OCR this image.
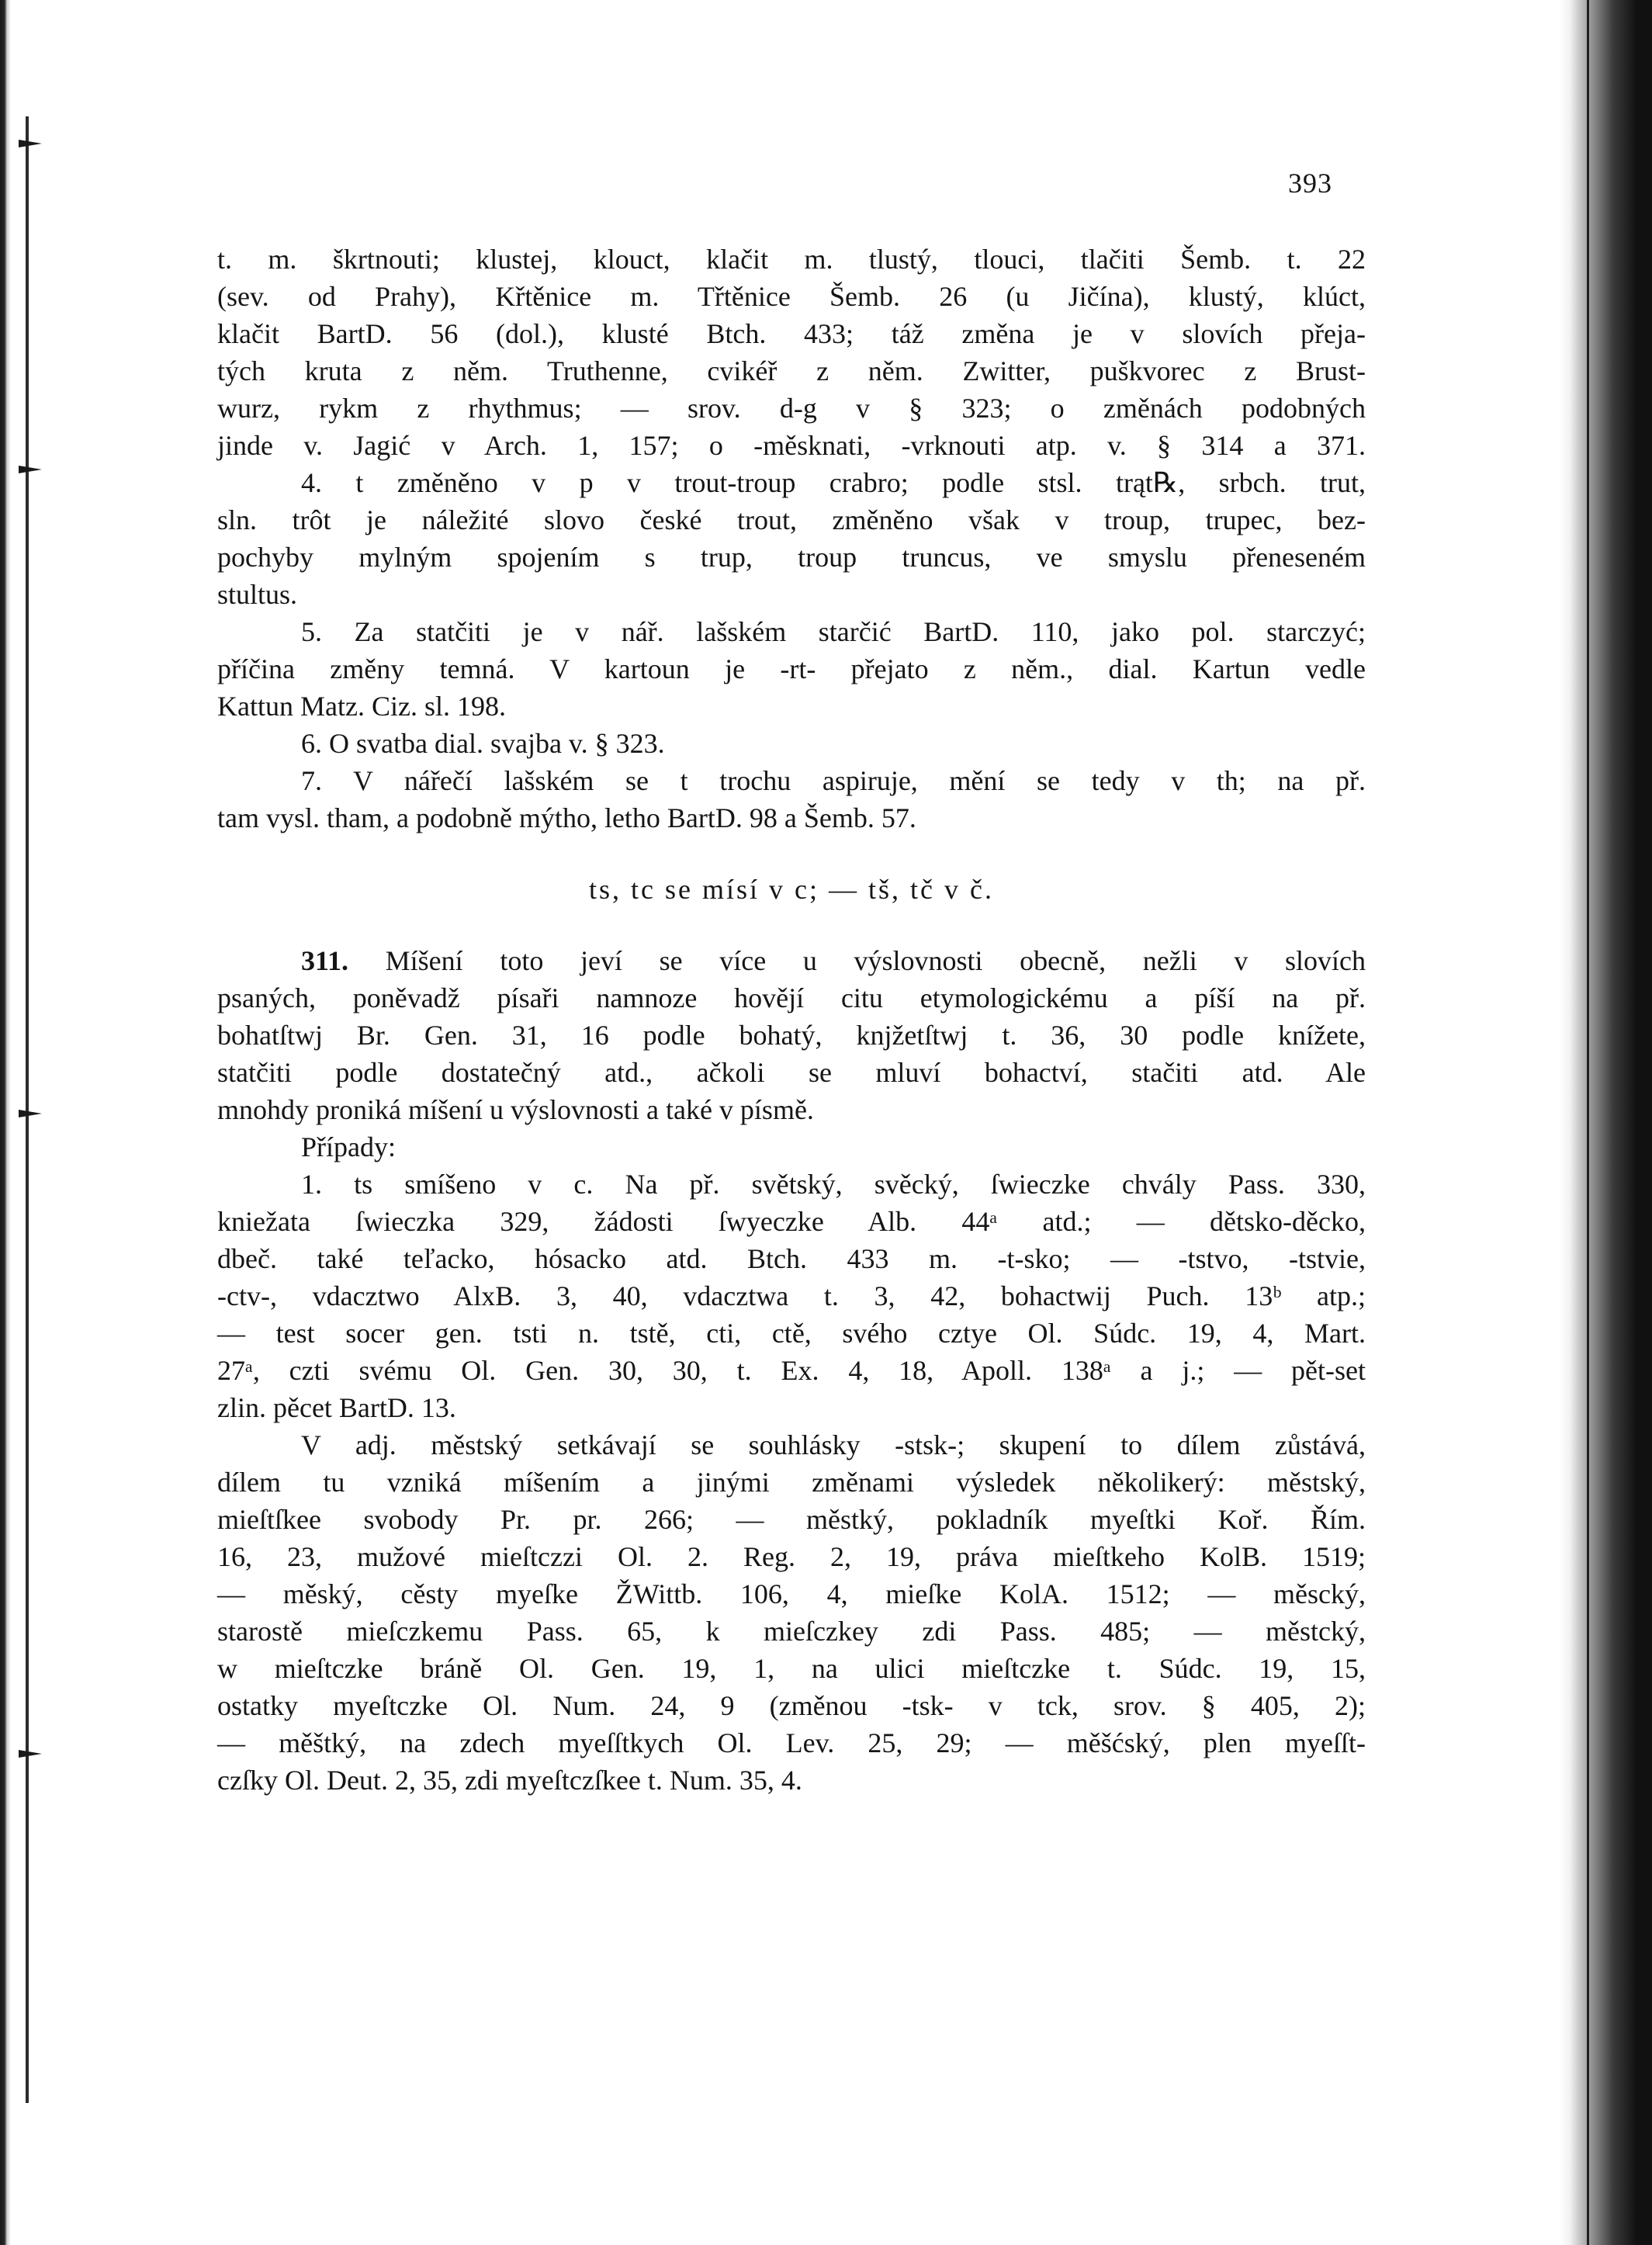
393
t. m. škrtnouti; klustej, klouct, klačit m. tlustý, tlouci, tlačiti Šemb. t. 22
(sev. od Prahy), Křtěnice m. Třtěnice Šemb. 26 (u Jičína), klustý, klúct,
klačit BartD. 56 (dol.), klusté Btch. 433; táž změna je v slovích přeja-
tých kruta z něm. Truthenne, cvikéř z něm. Zwitter, puškvorec z Brust-
wurz, rykm z rhythmus; — srov. d-g v § 323; o změnách podobných
jinde v. Jagić v Arch. 1, 157; o -měsknati, -vrknouti atp. v. § 314 a 371.
4. t změněno v p v trout-troup crabro; podle stsl. trąt℞, srbch. trut,
sln. trôt je náležité slovo české trout, změněno však v troup, trupec, bez-
pochyby mylným spojením s trup, troup truncus, ve smyslu přeneseném
stultus.
5. Za statčiti je v nář. lašském starčić BartD. 110, jako pol. starczyć;
příčina změny temná. V kartoun je -rt- přejato z něm., dial. Kartun vedle
Kattun Matz. Ciz. sl. 198.
6. O svatba dial. svajba v. § 323.
7. V nářečí lašském se t trochu aspiruje, mění se tedy v th; na př.
tam vysl. tham, a podobně mýtho, letho BartD. 98 a Šemb. 57.
ts, tc se mísí v c; — tš, tč v č.
311. Míšení toto jeví se více u výslovnosti obecně, nežli v slovích
psaných, poněvadž písaři namnoze hovějí citu etymologickému a píší na př.
bohatſtwj Br. Gen. 31, 16 podle bohatý, knjžetſtwj t. 36, 30 podle knížete,
statčiti podle dostatečný atd., ačkoli se mluví bohactví, stačiti atd. Ale
mnohdy proniká míšení u výslovnosti a také v písmě.
Případy:
1. ts smíšeno v c. Na př. světský, svěcký, ſwieczke chvály Pass. 330,
kniežata ſwieczka 329, žádosti ſwyeczke Alb. 44ᵃ atd.; — dětsko-děcko,
dbeč. také teľacko, hósacko atd. Btch. 433 m. -t-sko; — -tstvo, -tstvie,
-ctv-, vdacztwo AlxB. 3, 40, vdacztwa t. 3, 42, bohactwij Puch. 13ᵇ atp.;
— test socer gen. tsti n. tstě, cti, ctě, svého cztye Ol. Súdc. 19, 4, Mart.
27ᵃ, czti svému Ol. Gen. 30, 30, t. Ex. 4, 18, Apoll. 138ᵃ a j.; — pět-set
zlin. pěcet BartD. 13.
V adj. městský setkávají se souhlásky -stsk-; skupení to dílem zůstává,
dílem tu vzniká míšením a jinými změnami výsledek několikerý: městský,
mieſtſkee svobody Pr. pr. 266; — městký, pokladník myeſtki Koř. Řím.
16, 23, mužové mieſtczzi Ol. 2. Reg. 2, 19, práva mieſtkeho KolB. 1519;
— měský, cěsty myeſke ŽWittb. 106, 4, mieſke KolA. 1512; — měscký,
starostě mieſczkemu Pass. 65, k mieſczkey zdi Pass. 485; — městcký,
w mieſtczke bráně Ol. Gen. 19, 1, na ulici mieſtczke t. Súdc. 19, 15,
ostatky myeſtczke Ol. Num. 24, 9 (změnou -tsk- v tck, srov. § 405, 2);
— měštký, na zdech myeſſtkych Ol. Lev. 25, 29; — měšćský, plen myeſſt-
czſky Ol. Deut. 2, 35, zdi myeſtczſkee t. Num. 35, 4.
